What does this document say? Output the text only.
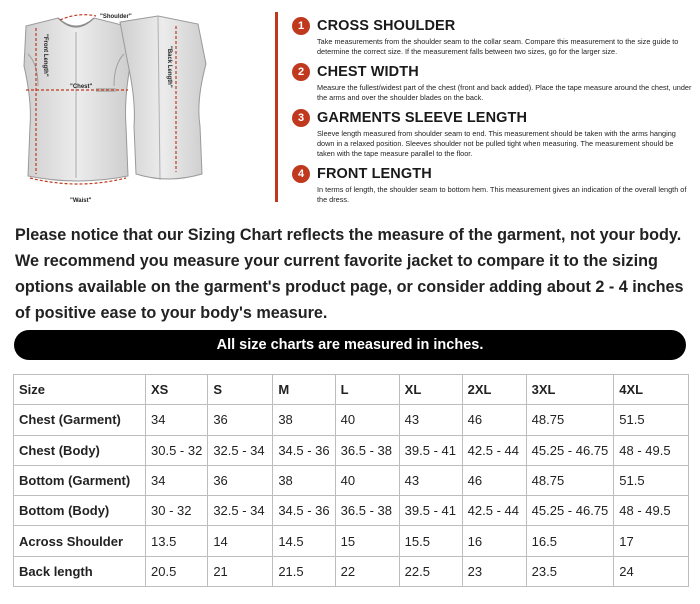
"Shoulder"
"Front Length"	"Back Length"
"Chest"
"Waist"
1 CROSS SHOULDER

Take measurements from the shoulder seam to the collar seam. Compare this measurement to the size guide to determine the correct size. If the measurement falls between two sizes, go for the larger size.

2 CHEST WIDTH

Measure the fullest/widest part of the chest (front and back added). Place the tape measure around the chest, under the arms and over the shoulder blades on the back.

3 GARMENTS SLEEVE LENGTH

Sleeve length measured from shoulder seam to end. This measurement should be taken with the arms hanging down in a relaxed position. Sleeves shoulder not be pulled tight when measuring. The measurement should be taken with the tape measure parallel to the floor.

4 FRONT LENGTH

In terms of length, the shoulder seam to bottom hem. This measurement gives an indication of the overall length of the dress.

Please notice that our Sizing Chart reflects the measure of the garment, not your body. We recommend you measure your current favorite jacket to compare it to the sizing options available on the garment's product page, or consider adding about 2 - 4 inches of positive ease to your body's measure.

All size charts are measured in inches.
Size	XS	S	M	L	XL	2XL	3XL	4XL
Chest (Garment)	34	36	38	40	43	46	48.75	51.5
Chest (Body)	30.5 - 32	32.5 - 34	34.5 - 36	36.5 - 38	39.5 - 41	42.5 - 44	45.25 - 46.75	48 - 49.5
Bottom (Garment)	34	36	38	40	43	46	48.75	51.5
Bottom (Body)	30 - 32	32.5 - 34	34.5 - 36	36.5 - 38	39.5 - 41	42.5 - 44	45.25 - 46.75	48 - 49.5
Across Shoulder	13.5	14	14.5	15	15.5	16	16.5	17
Back length	20.5	21	21.5	22	22.5	23	23.5	24
